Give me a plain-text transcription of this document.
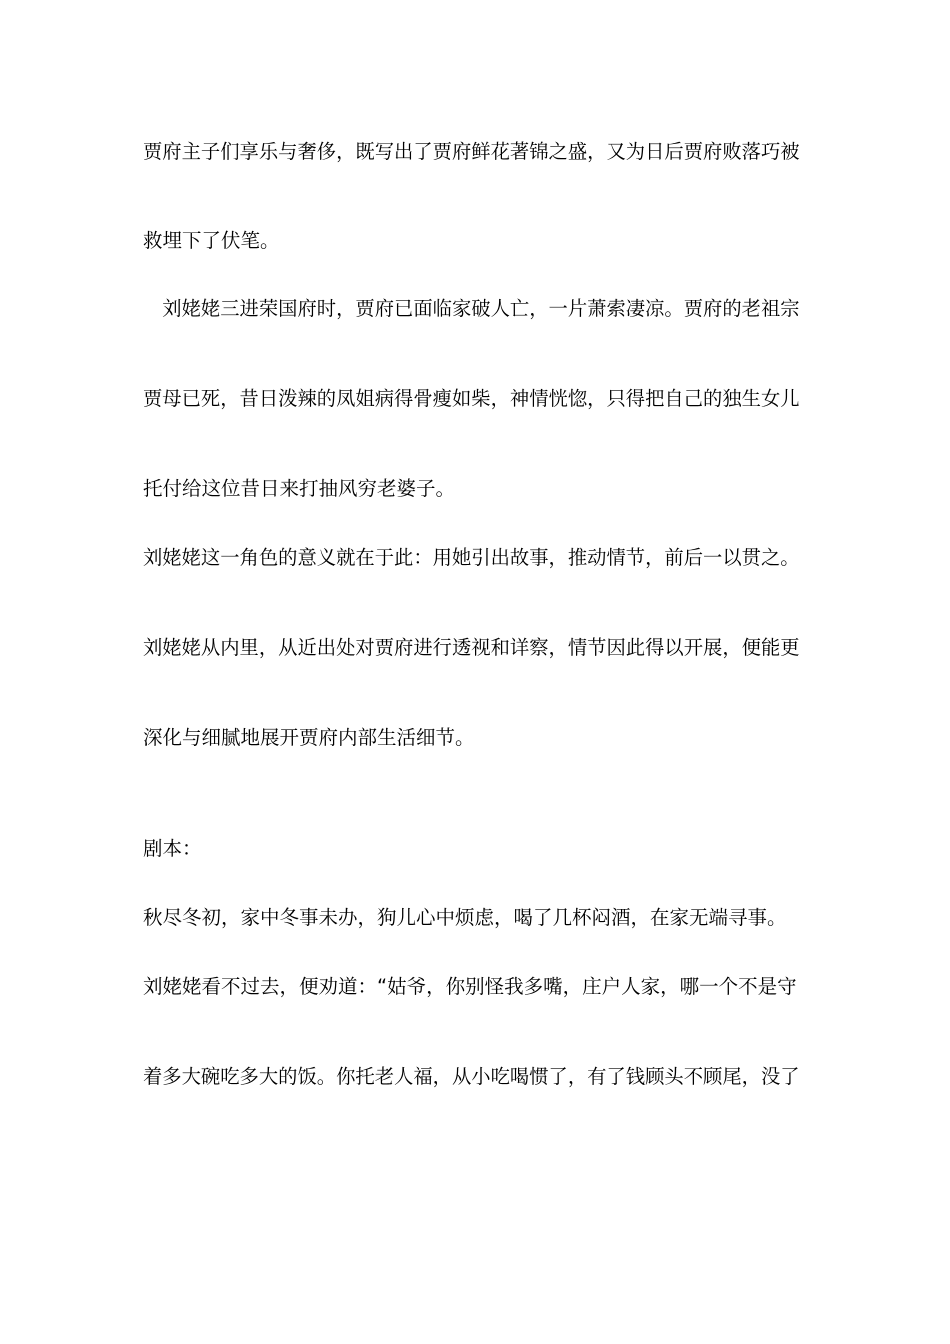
贾府主子们享乐与奢侈，既写出了贾府鲜花著锦之盛，又为日后贾府败落巧被
救埋下了伏笔。
　刘姥姥三进荣国府时，贾府已面临家破人亡，一片萧索凄凉。贾府的老祖宗
贾母已死，昔日泼辣的凤姐病得骨瘦如柴，神情恍惚，只得把自己的独生女儿
托付给这位昔日来打抽风穷老婆子。
刘姥姥这一角色的意义就在于此：用她引出故事，推动情节，前后一以贯之。
刘姥姥从内里，从近出处对贾府进行透视和详察，情节因此得以开展，便能更
深化与细腻地展开贾府内部生活细节。
剧本：
秋尽冬初，家中冬事未办，狗儿心中烦虑，喝了几杯闷酒，在家无端寻事。
刘姥姥看不过去，便劝道：“姑爷，你别怪我多嘴，庄户人家，哪一个不是守
着多大碗吃多大的饭。你托老人福，从小吃喝惯了，有了钱顾头不顾尾，没了
